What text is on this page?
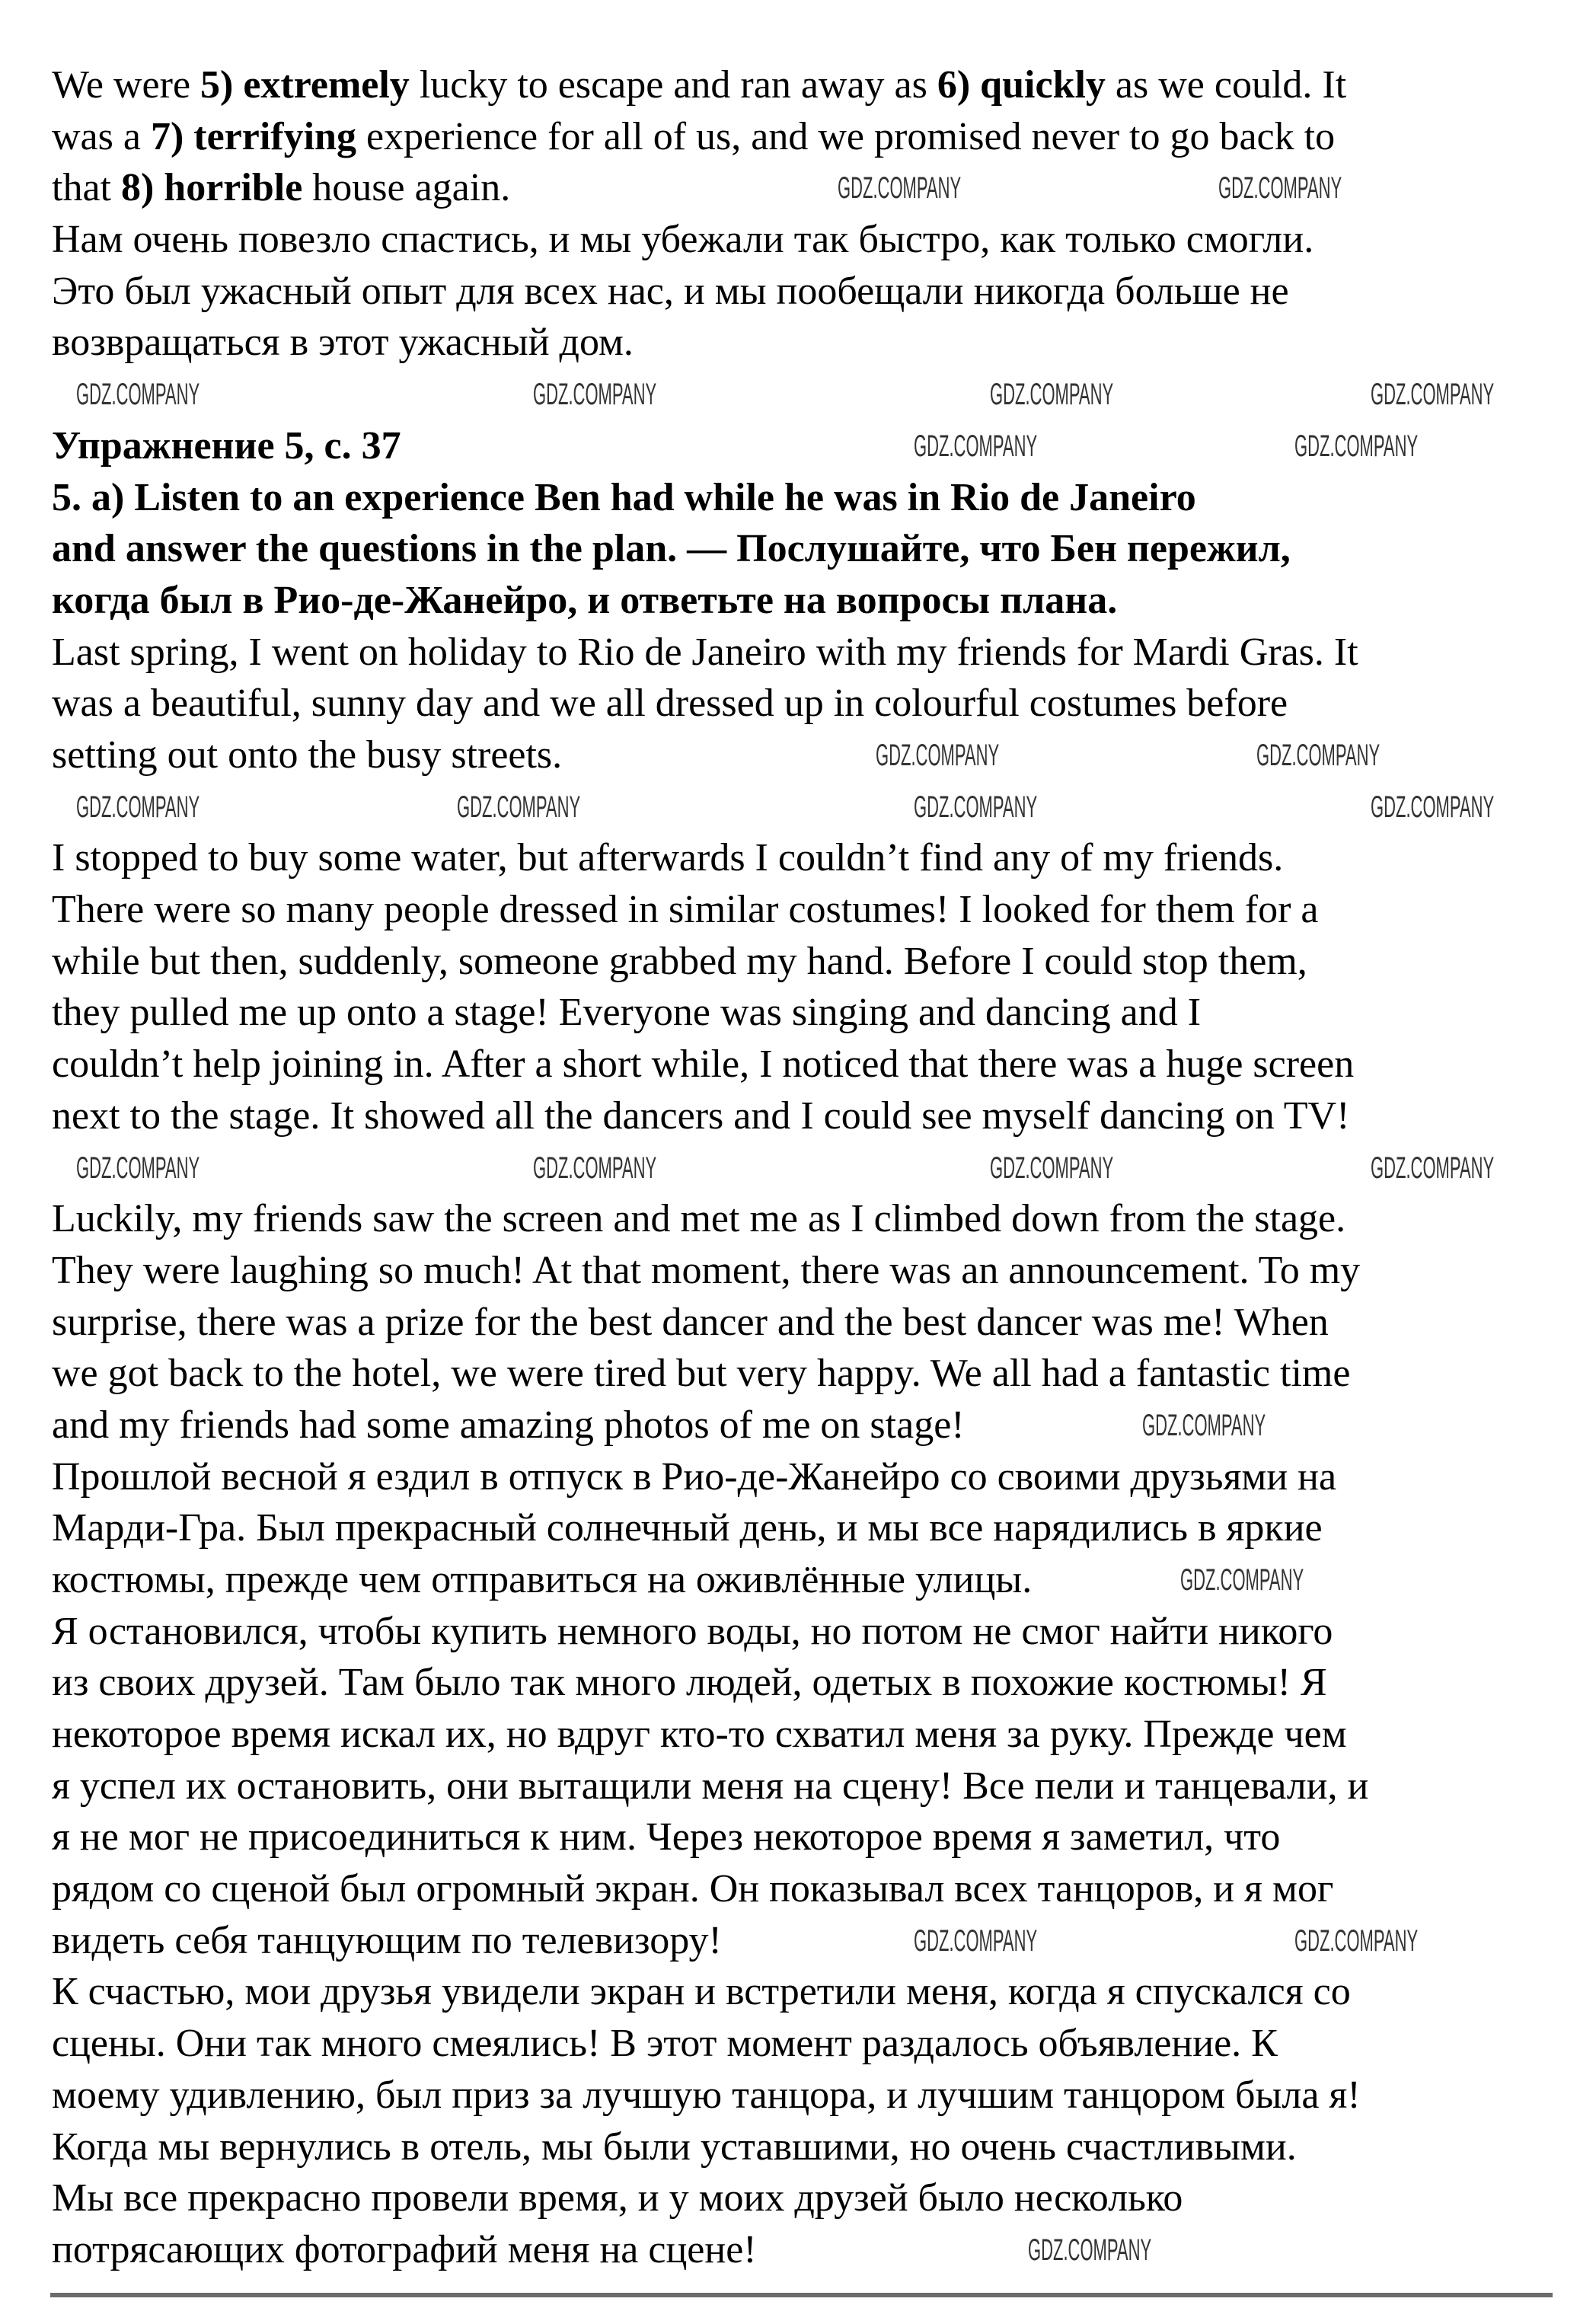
We were 5) extremely lucky to escape and ran away as 6) quickly as we could. It
was a 7) terrifying experience for all of us, and we promised never to go back to
that 8) horrible house again.
Нам очень повезло спастись, и мы убежали так быстро, как только смогли.
Это был ужасный опыт для всех нас, и мы пообещали никогда больше не
возвращаться в этот ужасный дом.
Упражнение 5, с. 37
5. a) Listen to an experience Ben had while he was in Rio de Janeiro
and answer the questions in the plan. — Послушайте, что Бен пережил,
когда был в Рио-де-Жанейро, и ответьте на вопросы плана.
Last spring, I went on holiday to Rio de Janeiro with my friends for Mardi Gras. It
was a beautiful, sunny day and we all dressed up in colourful costumes before
setting out onto the busy streets.
I stopped to buy some water, but afterwards I couldn’t find any of my friends.
There were so many people dressed in similar costumes! I looked for them for a
while but then, suddenly, someone grabbed my hand. Before I could stop them,
they pulled me up onto a stage! Everyone was singing and dancing and I
couldn’t help joining in. After a short while, I noticed that there was a huge screen
next to the stage. It showed all the dancers and I could see myself dancing on TV!
Luckily, my friends saw the screen and met me as I climbed down from the stage.
They were laughing so much! At that moment, there was an announcement. To my
surprise, there was a prize for the best dancer and the best dancer was me! When
we got back to the hotel, we were tired but very happy. We all had a fantastic time
and my friends had some amazing photos of me on stage!
Прошлой весной я ездил в отпуск в Рио-де-Жанейро со своими друзьями на
Марди-Гра. Был прекрасный солнечный день, и мы все нарядились в яркие
костюмы, прежде чем отправиться на оживлённые улицы.
Я остановился, чтобы купить немного воды, но потом не смог найти никого
из своих друзей. Там было так много людей, одетых в похожие костюмы! Я
некоторое время искал их, но вдруг кто-то схватил меня за руку. Прежде чем
я успел их остановить, они вытащили меня на сцену! Все пели и танцевали, и
я не мог не присоединиться к ним. Через некоторое время я заметил, что
рядом со сценой был огромный экран. Он показывал всех танцоров, и я мог
видеть себя танцующим по телевизору!
К счастью, мои друзья увидели экран и встретили меня, когда я спускался со
сцены. Они так много смеялись! В этот момент раздалось объявление. К
моему удивлению, был приз за лучшую танцора, и лучшим танцором была я!
Когда мы вернулись в отель, мы были уставшими, но очень счастливыми.
Мы все прекрасно провели время, и у моих друзей было несколько
потрясающих фотографий меня на сцене!
GDZ.COMPANY	GDZ.COMPANY
GDZ.COMPANY	GDZ.COMPANY	GDZ.COMPANY	GDZ.COMPANY
GDZ.COMPANY	GDZ.COMPANY
GDZ.COMPANY	GDZ.COMPANY
GDZ.COMPANY	GDZ.COMPANY	GDZ.COMPANY	GDZ.COMPANY
GDZ.COMPANY	GDZ.COMPANY	GDZ.COMPANY	GDZ.COMPANY
GDZ.COMPANY
GDZ.COMPANY
GDZ.COMPANY	GDZ.COMPANY
GDZ.COMPANY
